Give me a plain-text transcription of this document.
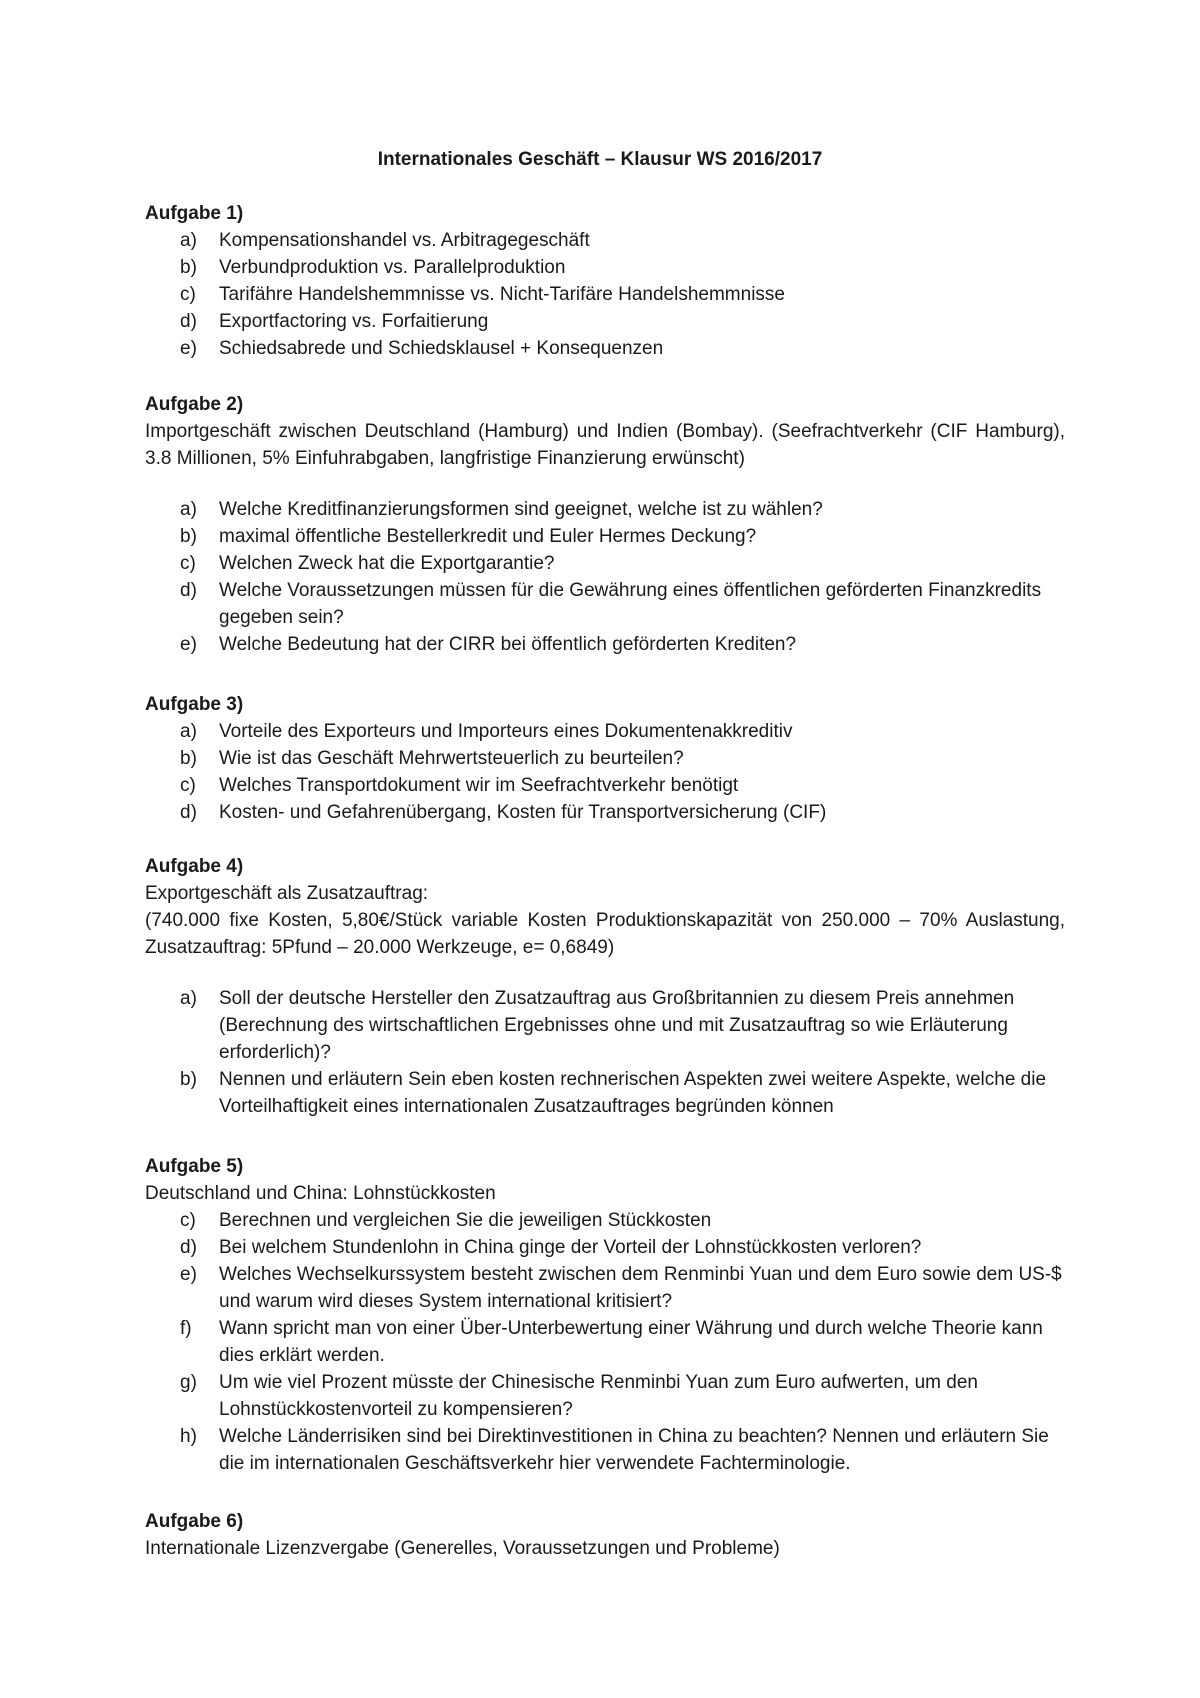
Internationales Geschäft – Klausur WS 2016/2017
Aufgabe 1)
a) Kompensationshandel vs. Arbitragegeschäft
b) Verbundproduktion vs. Parallelproduktion
c) Tarifähre Handelshemmnisse vs. Nicht-Tarifäre Handelshemmnisse
d) Exportfactoring vs. Forfaitierung
e) Schiedsabrede und Schiedsklausel + Konsequenzen
Aufgabe 2)

Importgeschäft zwischen Deutschland (Hamburg) und Indien (Bombay). (Seefrachtverkehr (CIF Hamburg), 3.8 Millionen, 5% Einfuhrabgaben, langfristige Finanzierung erwünscht)

a) Welche Kreditfinanzierungsformen sind geeignet, welche ist zu wählen?
b) maximal öffentliche Bestellerkredit und Euler Hermes Deckung?
c) Welchen Zweck hat die Exportgarantie?
d) Welche Voraussetzungen müssen für die Gewährung eines öffentlichen geförderten Finanzkredits gegeben sein?
e) Welche Bedeutung hat der CIRR bei öffentlich geförderten Krediten?
Aufgabe 3)
a) Vorteile des Exporteurs und Importeurs eines Dokumentenakkreditiv
b) Wie ist das Geschäft Mehrwertsteuerlich zu beurteilen?
c) Welches Transportdokument wir im Seefrachtverkehr benötigt
d) Kosten- und Gefahrenübergang, Kosten für Transportversicherung (CIF)
Aufgabe 4)

Exportgeschäft als Zusatzauftrag:

(740.000 fixe Kosten, 5,80€/Stück variable Kosten Produktionskapazität von 250.000 – 70% Auslastung, Zusatzauftrag: 5Pfund – 20.000 Werkzeuge, e= 0,6849)

a) Soll der deutsche Hersteller den Zusatzauftrag aus Großbritannien zu diesem Preis annehmen (Berechnung des wirtschaftlichen Ergebnisses ohne und mit Zusatzauftrag so wie Erläuterung erforderlich)?
b) Nennen und erläutern Sein eben kosten rechnerischen Aspekten zwei weitere Aspekte, welche die Vorteilhaftigkeit eines internationalen Zusatzauftrages begründen können
Aufgabe 5)

Deutschland und China: Lohnstückkosten

c) Berechnen und vergleichen Sie die jeweiligen Stückkosten
d) Bei welchem Stundenlohn in China ginge der Vorteil der Lohnstückkosten verloren?
e) Welches Wechselkurssystem besteht zwischen dem Renminbi Yuan und dem Euro sowie dem US-$ und warum wird dieses System international kritisiert?
f) Wann spricht man von einer Über-Unterbewertung einer Währung und durch welche Theorie kann dies erklärt werden.
g) Um wie viel Prozent müsste der Chinesische Renminbi Yuan zum Euro aufwerten, um den Lohnstückkostenvorteil zu kompensieren?
h) Welche Länderrisiken sind bei Direktinvestitionen in China zu beachten? Nennen und erläutern Sie die im internationalen Geschäftsverkehr hier verwendete Fachterminologie.
Aufgabe 6)

Internationale Lizenzvergabe (Generelles, Voraussetzungen und Probleme)
